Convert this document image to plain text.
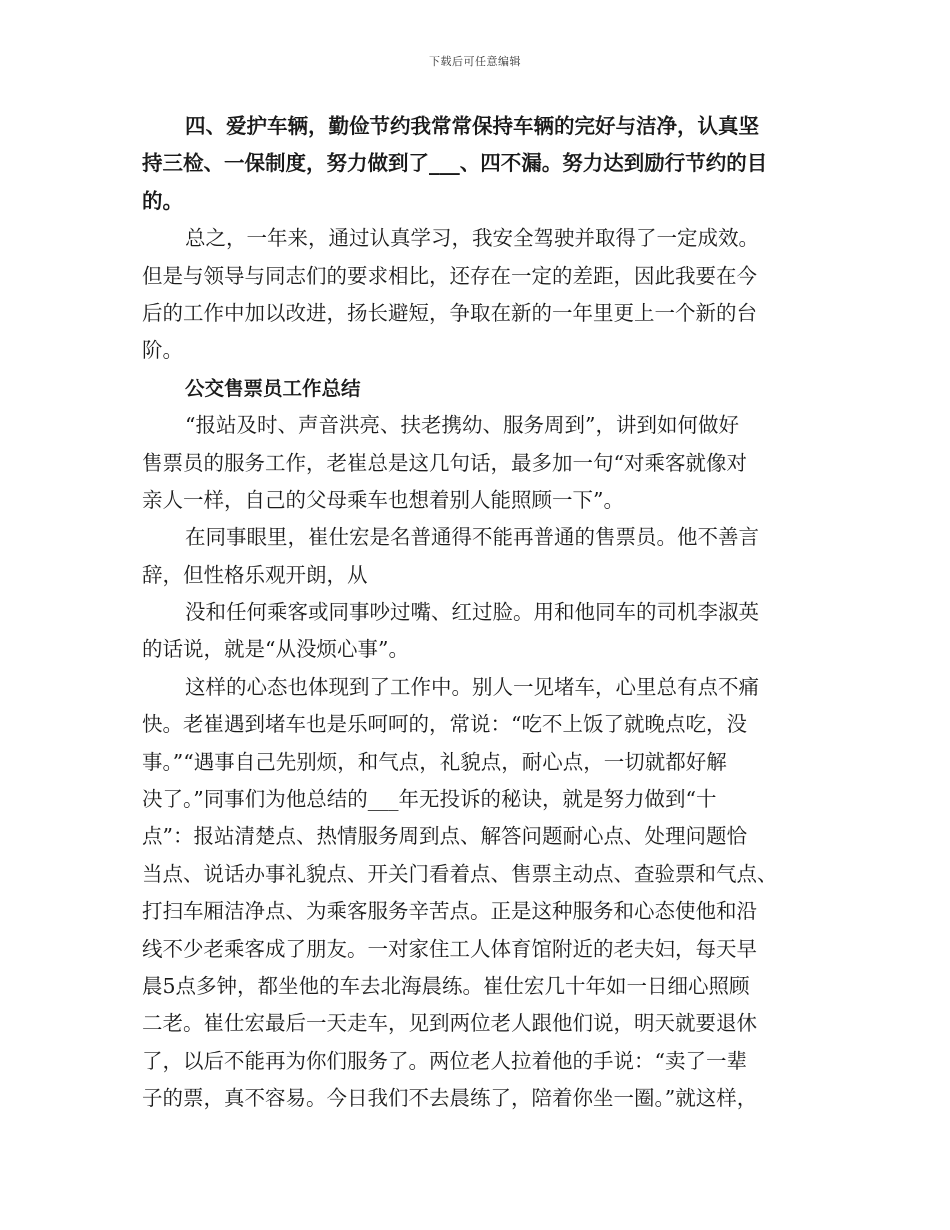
下载后可任意编辑
四、爱护车辆，勤俭节约我常常保持车辆的完好与洁净，认真坚
持三检、一保制度，努力做到了___、四不漏。努力达到励行节约的目
的。
总之，一年来，通过认真学习，我安全驾驶并取得了一定成效。
但是与领导与同志们的要求相比，还存在一定的差距，因此我要在今
后的工作中加以改进，扬长避短，争取在新的一年里更上一个新的台
阶。
公交售票员工作总结
“报站及时、声音洪亮、扶老携幼、服务周到”，讲到如何做好
售票员的服务工作，老崔总是这几句话，最多加一句“对乘客就像对
亲人一样，自己的父母乘车也想着别人能照顾一下”。
在同事眼里，崔仕宏是名普通得不能再普通的售票员。他不善言
辞，但性格乐观开朗，从
没和任何乘客或同事吵过嘴、红过脸。用和他同车的司机李淑英
的话说，就是“从没烦心事”。
这样的心态也体现到了工作中。别人一见堵车，心里总有点不痛
快。老崔遇到堵车也是乐呵呵的，常说：“吃不上饭了就晚点吃，没
事。”“遇事自己先别烦，和气点，礼貌点，耐心点，一切就都好解
决了。”同事们为他总结的___年无投诉的秘诀，就是努力做到“十
点”：报站清楚点、热情服务周到点、解答问题耐心点、处理问题恰
当点、说话办事礼貌点、开关门看着点、售票主动点、查验票和气点、
打扫车厢洁净点、为乘客服务辛苦点。正是这种服务和心态使他和沿
线不少老乘客成了朋友。一对家住工人体育馆附近的老夫妇，每天早
晨5点多钟，都坐他的车去北海晨练。崔仕宏几十年如一日细心照顾
二老。崔仕宏最后一天走车，见到两位老人跟他们说，明天就要退休
了，以后不能再为你们服务了。两位老人拉着他的手说：“卖了一辈
子的票，真不容易。今日我们不去晨练了，陪着你坐一圈。”就这样，
